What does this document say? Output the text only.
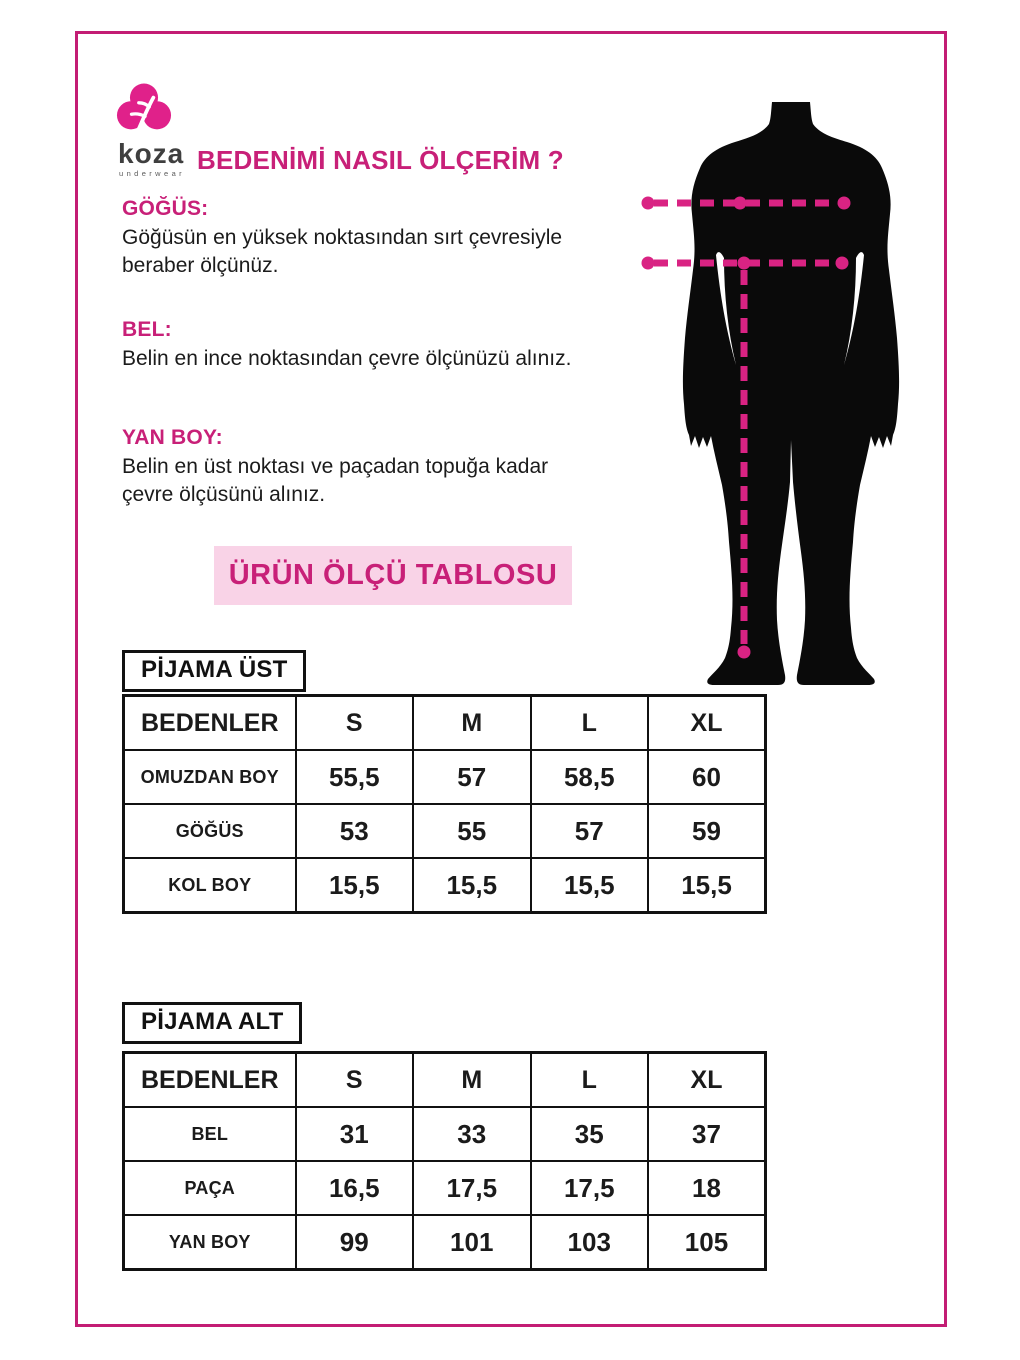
koza
underwear BEDENİMİ NASIL ÖLÇERİM ?
GÖĞÜS:
Göğüsün en yüksek noktasından sırt çevresiyle
beraber ölçünüz.
BEL:
Belin en ince noktasından çevre ölçünüzü alınız.
YAN BOY:
Belin en üst noktası ve paçadan topuğa kadar
çevre ölçüsünü alınız.
ÜRÜN ÖLÇÜ TABLOSU
PİJAMA ÜST
BEDENLER	S	M	L	XL
OMUZDAN BOY	55,5	57	58,5	60
GÖĞÜS	53	55	57	59
KOL BOY	15,5	15,5	15,5	15,5
PİJAMA ALT
BEDENLER	S	M	L	XL
BEL	31	33	35	37
PAÇA	16,5	17,5	17,5	18
YAN BOY	99	101	103	105
